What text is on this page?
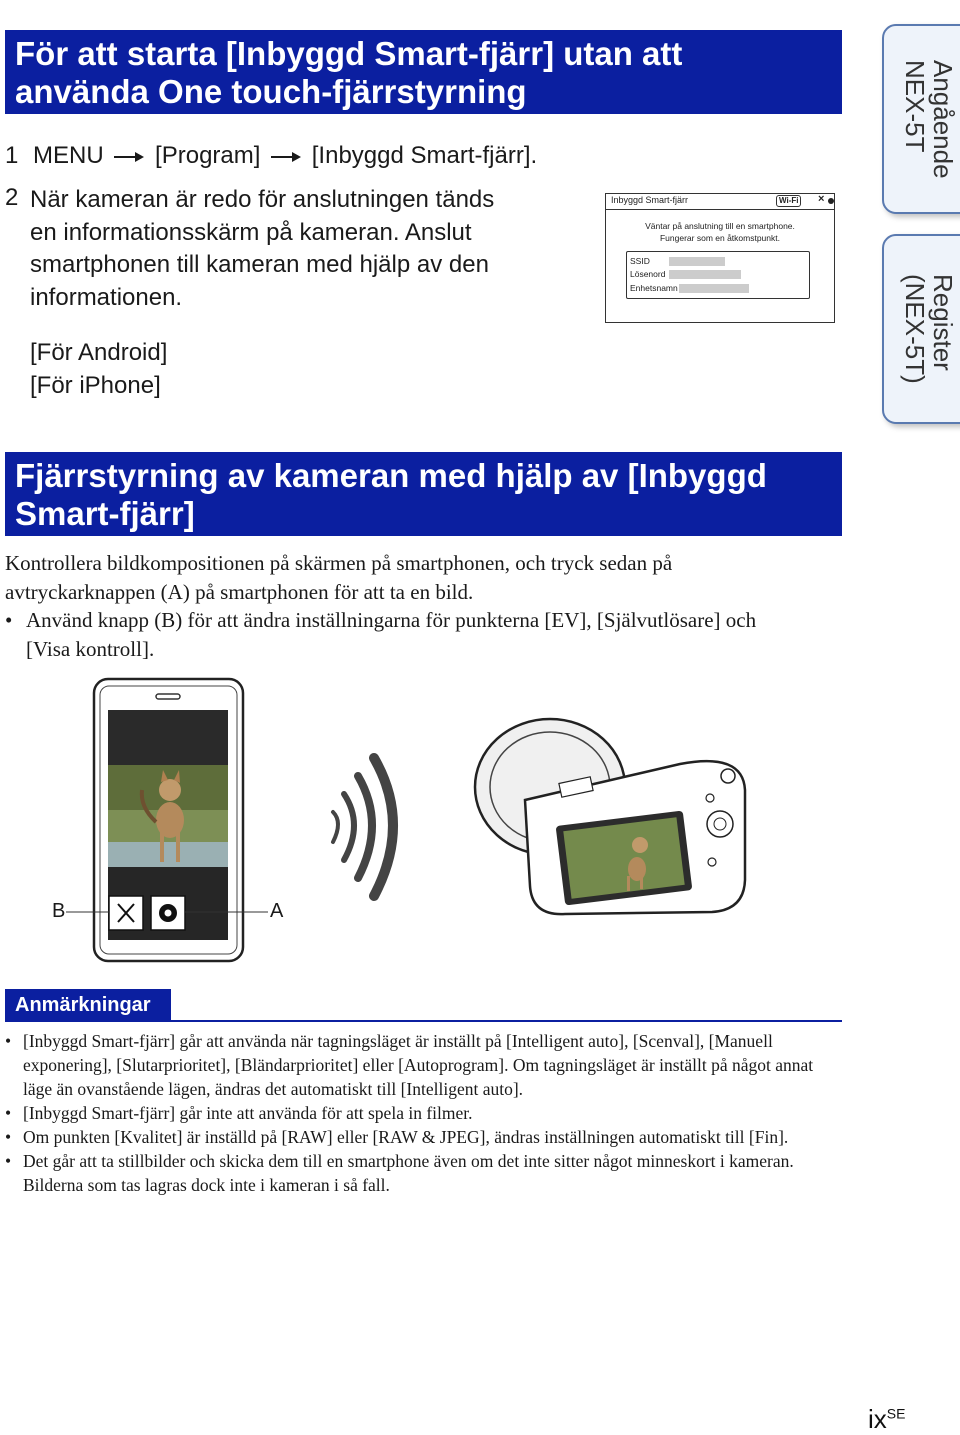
För att starta [Inbyggd Smart-fjärr] utan att
använda One touch-fjärrstyrning
1 MENU [Program] [Inbyggd Smart-fjärr].
2 När kameran är redo för anslutningen tänds
en informationsskärm på kameran. Anslut
smartphonen till kameran med hjälp av den
informationen.
[För Android]
[För iPhone]
Inbyggd Smart-fjärr	Wi-Fi ×
Väntar på anslutning till en smartphone.
Fungerar som en åtkomstpunkt.
SSID
Lösenord
Enhetsnamn
Angående
NEX-5T
Register
(NEX-5T)
Fjärrstyrning av kameran med hjälp av [Inbyggd
Smart-fjärr]
Kontrollera bildkompositionen på skärmen på smartphonen, och tryck sedan på
avtryckarknappen (A) på smartphonen för att ta en bild.
• Använd knapp (B) för att ändra inställningarna för punkterna [EV], [Självutlösare] och
[Visa kontroll].
B	A
Anmärkningar
• [Inbyggd Smart-fjärr] går att använda när tagningsläget är inställt på [Intelligent auto], [Scenval], [Manuell exponering], [Slutarprioritet], [Bländarprioritet] eller [Autoprogram]. Om tagningsläget är inställt på något annat läge än ovanstående lägen, ändras det automatiskt till [Intelligent auto].
• [Inbyggd Smart-fjärr] går inte att använda för att spela in filmer.
• Om punkten [Kvalitet] är inställd på [RAW] eller [RAW & JPEG], ändras inställningen automatiskt till [Fin].
• Det går att ta stillbilder och skicka dem till en smartphone även om det inte sitter något minneskort i kameran. Bilderna som tas lagras dock inte i kameran i så fall.
$ix^{SE}$
